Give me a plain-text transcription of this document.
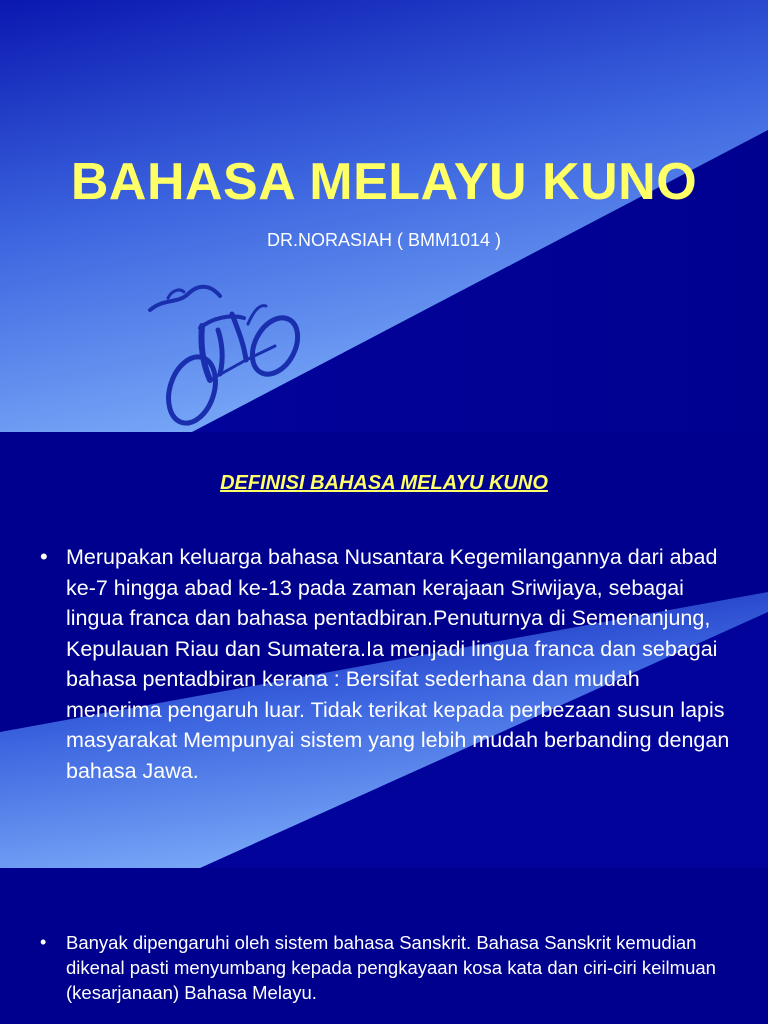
BAHASA MELAYU KUNO
DR.NORASIAH ( BMM1014 )
DEFINISI BAHASA MELAYU KUNO
• Merupakan keluarga bahasa Nusantara Kegemilangannya dari abad ke-7 hingga abad ke-13 pada zaman kerajaan Sriwijaya, sebagai lingua franca dan bahasa pentadbiran.Penuturnya di Semenanjung, Kepulauan Riau dan Sumatera.Ia menjadi lingua franca dan sebagai bahasa pentadbiran kerana : Bersifat sederhana dan mudah menerima pengaruh luar. Tidak terikat kepada perbezaan susun lapis masyarakat Mempunyai sistem yang lebih mudah berbanding dengan bahasa Jawa.
• Banyak dipengaruhi oleh sistem bahasa Sanskrit. Bahasa Sanskrit kemudian dikenal pasti menyumbang kepada pengkayaan kosa kata dan ciri-ciri keilmuan (kesarjanaan) Bahasa Melayu.
